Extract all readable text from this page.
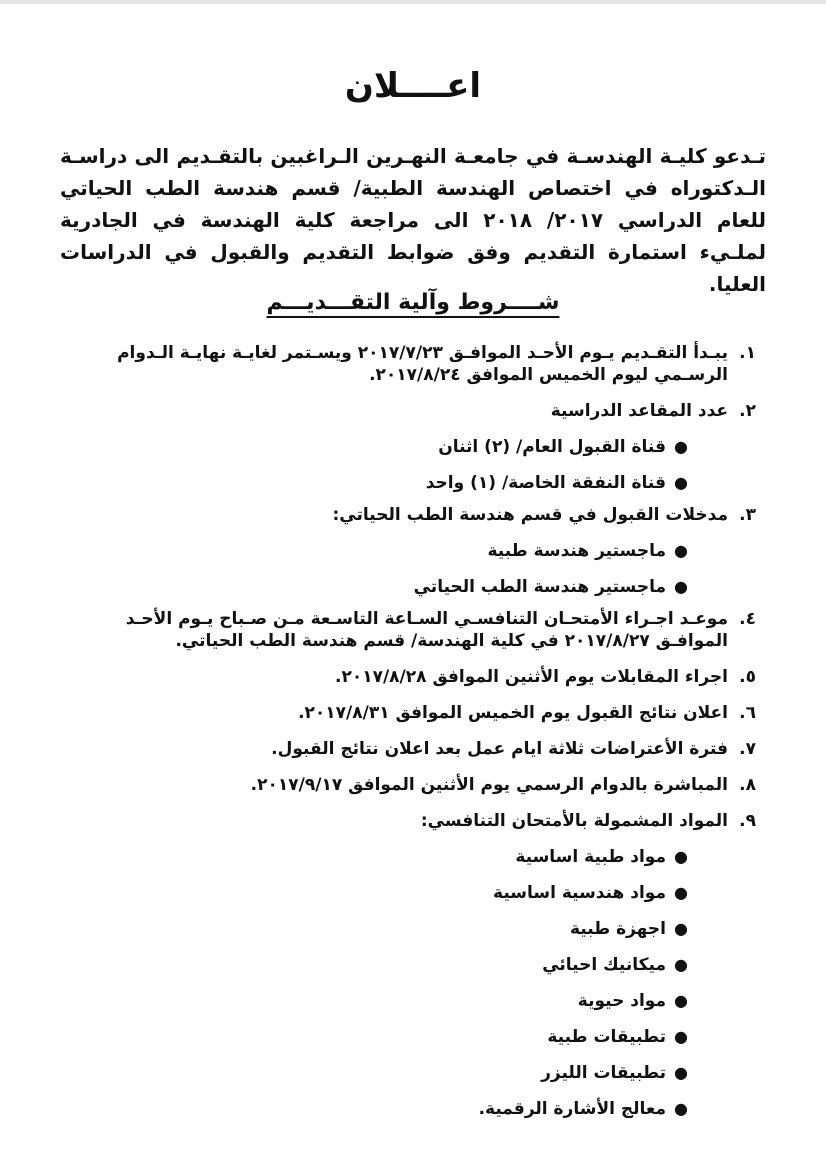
اعــــلان

تـدعو كليـة الهندسـة في جامعـة النهـرين الـراغبين بالتقـديم الى دراسـة الـدكتوراه في اختصاص الهندسة الطبية/ قسم هندسة الطب الحياتي للعام الدراسي ٢٠١٧/ ٢٠١٨ الى مراجعة كلية الهندسة في الجادرية لملـيء استمارة التقديم وفق ضوابط التقديم والقبول في الدراسات العليا.

شــــروط وآلية التقـــديـــم
١.
يبـدأ التقـديم يـوم الأحـد الموافـق ٢٠١٧/٧/٢٣ ويسـتمر لغايـة نهايـة الـدوام الرسـمي ليوم الخميس الموافق ٢٠١٧/٨/٢٤.
٢.
عدد المقاعد الدراسية
●
قناة القبول العام/ (٢) اثنان
●
قناة النفقة الخاصة/ (١) واحد
٣.
مدخلات القبول في قسم هندسة الطب الحياتي:
●
ماجستير هندسة طبية
●
ماجستير هندسة الطب الحياتي
٤.
موعـد اجـراء الأمتحـان التنافسـي السـاعة التاسـعة مـن صـباح يـوم الأحـد الموافـق ٢٠١٧/٨/٢٧ في كلية الهندسة/ قسم هندسة الطب الحياتي.
٥.
اجراء المقابلات يوم الأثنين الموافق ٢٠١٧/٨/٢٨.
٦.
اعلان نتائج القبول يوم الخميس الموافق ٢٠١٧/٨/٣١.
٧.
فترة الأعتراضات ثلاثة ايام عمل بعد اعلان نتائج القبول.
٨.
المباشرة بالدوام الرسمي يوم الأثنين الموافق ٢٠١٧/٩/١٧.
٩.
المواد المشمولة بالأمتحان التنافسي:
●
مواد طبية اساسية
●
مواد هندسية اساسية
●
اجهزة طبية
●
ميكانيك احيائي
●
مواد حيوية
●
تطبيقات طبية
●
تطبيقات الليزر
●
معالج الأشارة الرقمية.
